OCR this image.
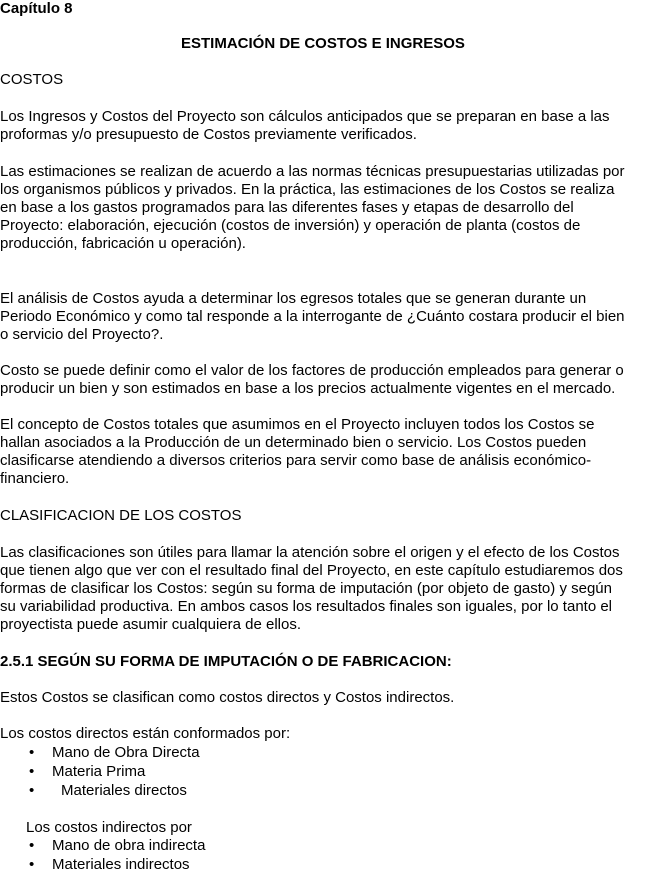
Capítulo 8
ESTIMACIÓN DE COSTOS E INGRESOS
COSTOS
Los Ingresos y Costos del Proyecto son cálculos anticipados que se preparan en base a las
proformas y/o presupuesto de Costos previamente verificados.
Las estimaciones se realizan de acuerdo a las normas técnicas presupuestarias utilizadas por
los organismos públicos y privados. En la práctica, las estimaciones de los Costos se realiza
en base a los gastos programados para las diferentes fases y etapas de desarrollo del
Proyecto: elaboración, ejecución (costos de inversión) y operación de planta (costos de
producción, fabricación u operación).
El análisis de Costos ayuda a determinar los egresos totales que se generan durante un
Periodo Económico y como tal responde a la interrogante de ¿Cuánto costara producir el bien
o servicio del Proyecto?.
Costo se puede definir como el valor de los factores de producción empleados para generar o
producir un bien y son estimados en base a los precios actualmente vigentes en el mercado.
El concepto de Costos totales que asumimos en el Proyecto incluyen todos los Costos se
hallan asociados a la Producción de un determinado bien o servicio. Los Costos pueden
clasificarse atendiendo a diversos criterios para servir como base de análisis económico-
financiero.
CLASIFICACION DE LOS COSTOS
Las clasificaciones son útiles para llamar la atención sobre el origen y el efecto de los Costos
que tienen algo que ver con el resultado final del Proyecto, en este capítulo estudiaremos dos
formas de clasificar los Costos: según su forma de imputación (por objeto de gasto) y según
su variabilidad productiva. En ambos casos los resultados finales son iguales, por lo tanto el
proyectista puede asumir cualquiera de ellos.
2.5.1 SEGÚN SU FORMA DE IMPUTACIÓN O DE FABRICACION:
Estos Costos se clasifican como costos directos y Costos indirectos.
Los costos directos están conformados por:
• Mano de Obra Directa
• Materia Prima
• Materiales directos
Los costos indirectos por
• Mano de obra indirecta
• Materiales indirectos
